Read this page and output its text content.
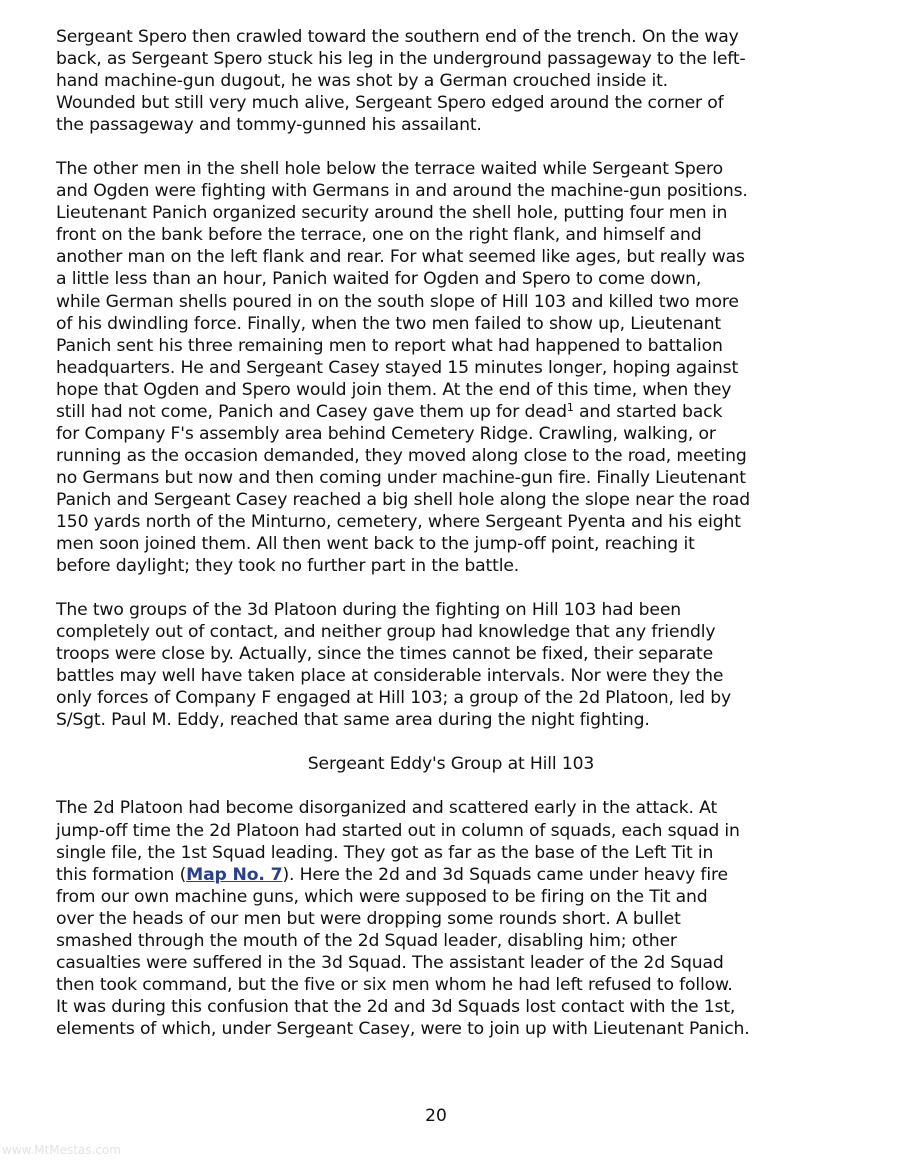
Sergeant Spero then crawled toward the southern end of the trench. On the way
back, as Sergeant Spero stuck his leg in the underground passageway to the left-
hand machine-gun dugout, he was shot by a German crouched inside it.
Wounded but still very much alive, Sergeant Spero edged around the corner of
the passageway and tommy-gunned his assailant.

The other men in the shell hole below the terrace waited while Sergeant Spero
and Ogden were fighting with Germans in and around the machine-gun positions.
Lieutenant Panich organized security around the shell hole, putting four men in
front on the bank before the terrace, one on the right flank, and himself and
another man on the left flank and rear. For what seemed like ages, but really was
a little less than an hour, Panich waited for Ogden and Spero to come down,
while German shells poured in on the south slope of Hill 103 and killed two more
of his dwindling force. Finally, when the two men failed to show up, Lieutenant
Panich sent his three remaining men to report what had happened to battalion
headquarters. He and Sergeant Casey stayed 15 minutes longer, hoping against
hope that Ogden and Spero would join them. At the end of this time, when they
still had not come, Panich and Casey gave them up for dead$^1$ and started back
for Company F's assembly area behind Cemetery Ridge. Crawling, walking, or
running as the occasion demanded, they moved along close to the road, meeting
no Germans but now and then coming under machine-gun fire. Finally Lieutenant
Panich and Sergeant Casey reached a big shell hole along the slope near the road
150 yards north of the Minturno, cemetery, where Sergeant Pyenta and his eight
men soon joined them. All then went back to the jump-off point, reaching it
before daylight; they took no further part in the battle.

The two groups of the 3d Platoon during the fighting on Hill 103 had been
completely out of contact, and neither group had knowledge that any friendly
troops were close by. Actually, since the times cannot be fixed, their separate
battles may well have taken place at considerable intervals. Nor were they the
only forces of Company F engaged at Hill 103; a group of the 2d Platoon, led by
S/Sgt. Paul M. Eddy, reached that same area during the night fighting.

Sergeant Eddy's Group at Hill 103

The 2d Platoon had become disorganized and scattered early in the attack. At
jump-off time the 2d Platoon had started out in column of squads, each squad in
single file, the 1st Squad leading. They got as far as the base of the Left Tit in
this formation (Map No. 7). Here the 2d and 3d Squads came under heavy fire
from our own machine guns, which were supposed to be firing on the Tit and
over the heads of our men but were dropping some rounds short. A bullet
smashed through the mouth of the 2d Squad leader, disabling him; other
casualties were suffered in the 3d Squad. The assistant leader of the 2d Squad
then took command, but the five or six men whom he had left refused to follow.
It was during this confusion that the 2d and 3d Squads lost contact with the 1st,
elements of which, under Sergeant Casey, were to join up with Lieutenant Panich.

20
www.MtMestas.com
